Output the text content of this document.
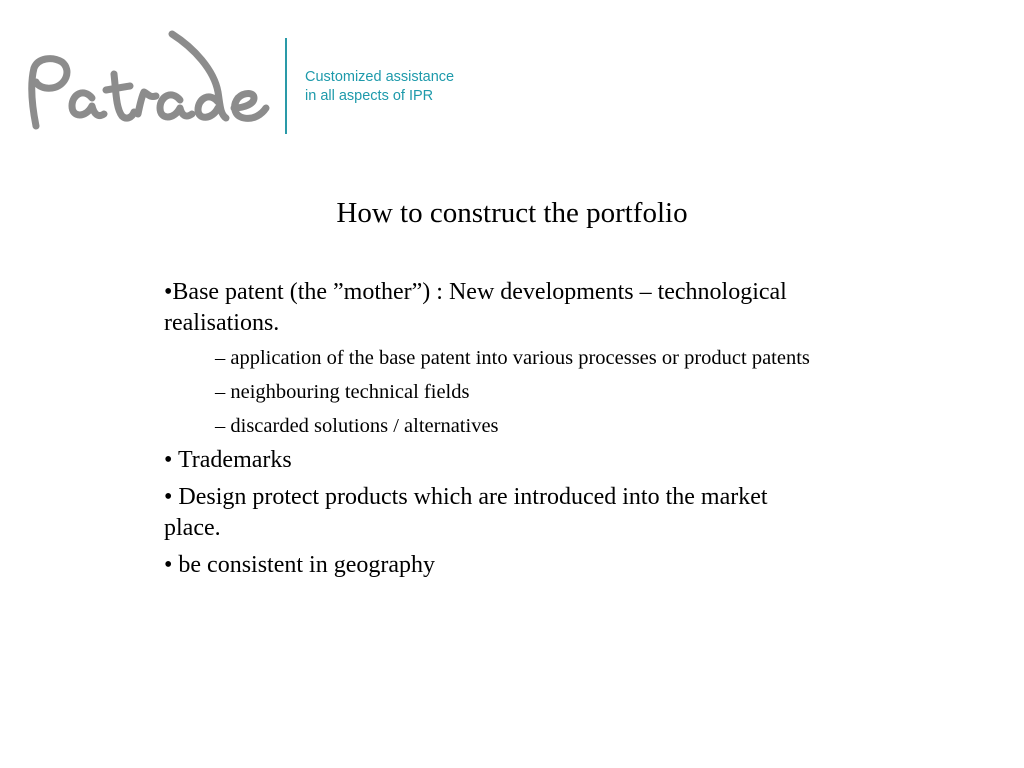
Customized assistance
in all aspects of IPR
How to construct the portfolio
•Base patent (the ”mother”) : New developments – technological realisations.
– application of the base patent into various processes or product patents
– neighbouring technical fields
– discarded solutions / alternatives
• Trademarks
• Design protect products which are introduced into the market place.
• be consistent in geography
